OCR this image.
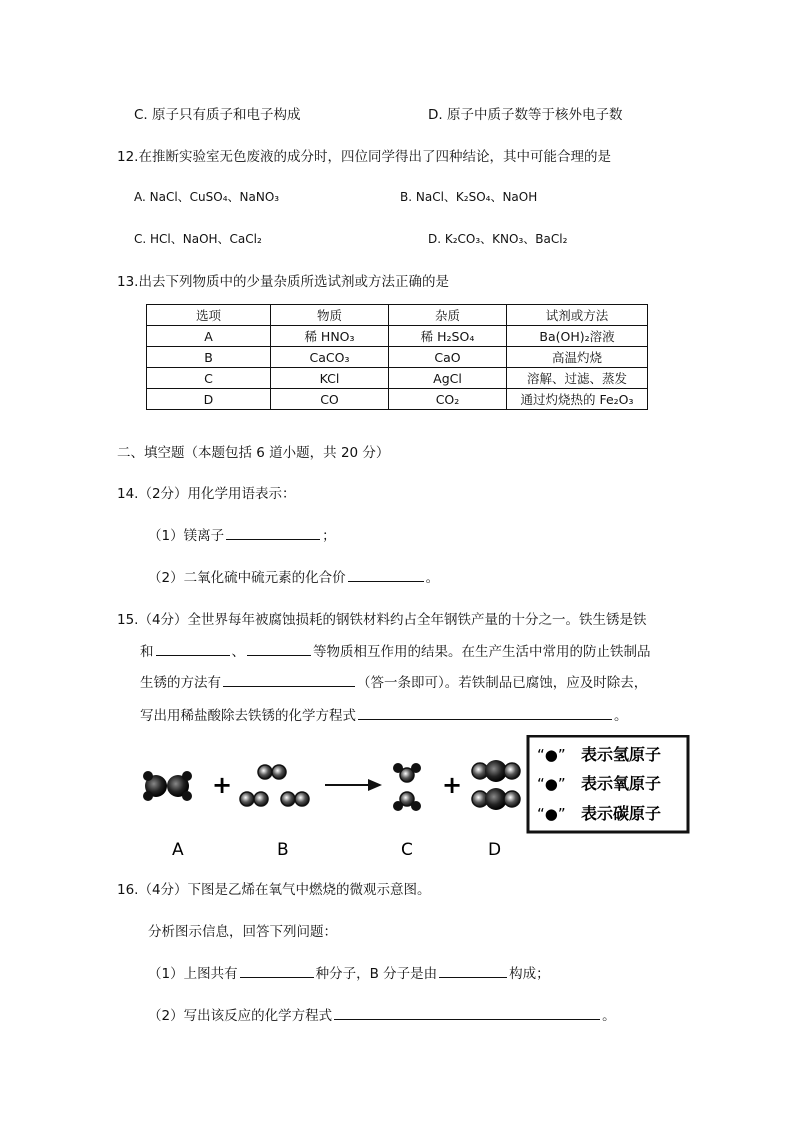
C. 原子只有质子和电子构成	D. 原子中质子数等于核外电子数
12.在推断实验室无色废液的成分时，四位同学得出了四种结论，其中可能合理的是
A. NaCl、CuSO₄、NaNO₃	B. NaCl、K₂SO₄、NaOH
C. HCl、NaOH、CaCl₂	D. K₂CO₃、KNO₃、BaCl₂
13.出去下列物质中的少量杂质所选试剂或方法正确的是
选项	物质	杂质	试剂或方法
A	稀 HNO₃	稀 H₂SO₄	Ba(OH)₂溶液
B	CaCO₃	CaO	高温灼烧
C	KCl	AgCl	溶解、过滤、蒸发
D	CO	CO₂	通过灼烧热的 Fe₂O₃
二、填空题（本题包括 6 道小题，共 20 分）
14.（2分）用化学用语表示：
（1）镁离子	；
（2）二氧化硫中硫元素的化合价	。
15.（4分）全世界每年被腐蚀损耗的钢铁材料约占全年钢铁产量的十分之一。铁生锈是铁
和	、	等物质相互作用的结果。在生产生活中常用的防止铁制品
生锈的方法有	（答一条即可）。若铁制品已腐蚀，应及时除去，
写出用稀盐酸除去铁锈的化学方程式	。
+	+
A	B	C	D
“●” 表示氢原子
“●” 表示氧原子
“●” 表示碳原子
16.（4分）下图是乙烯在氧气中燃烧的微观示意图。
分析图示信息，回答下列问题：
（1）上图共有	种分子，B 分子是由	构成；
（2）写出该反应的化学方程式	。
